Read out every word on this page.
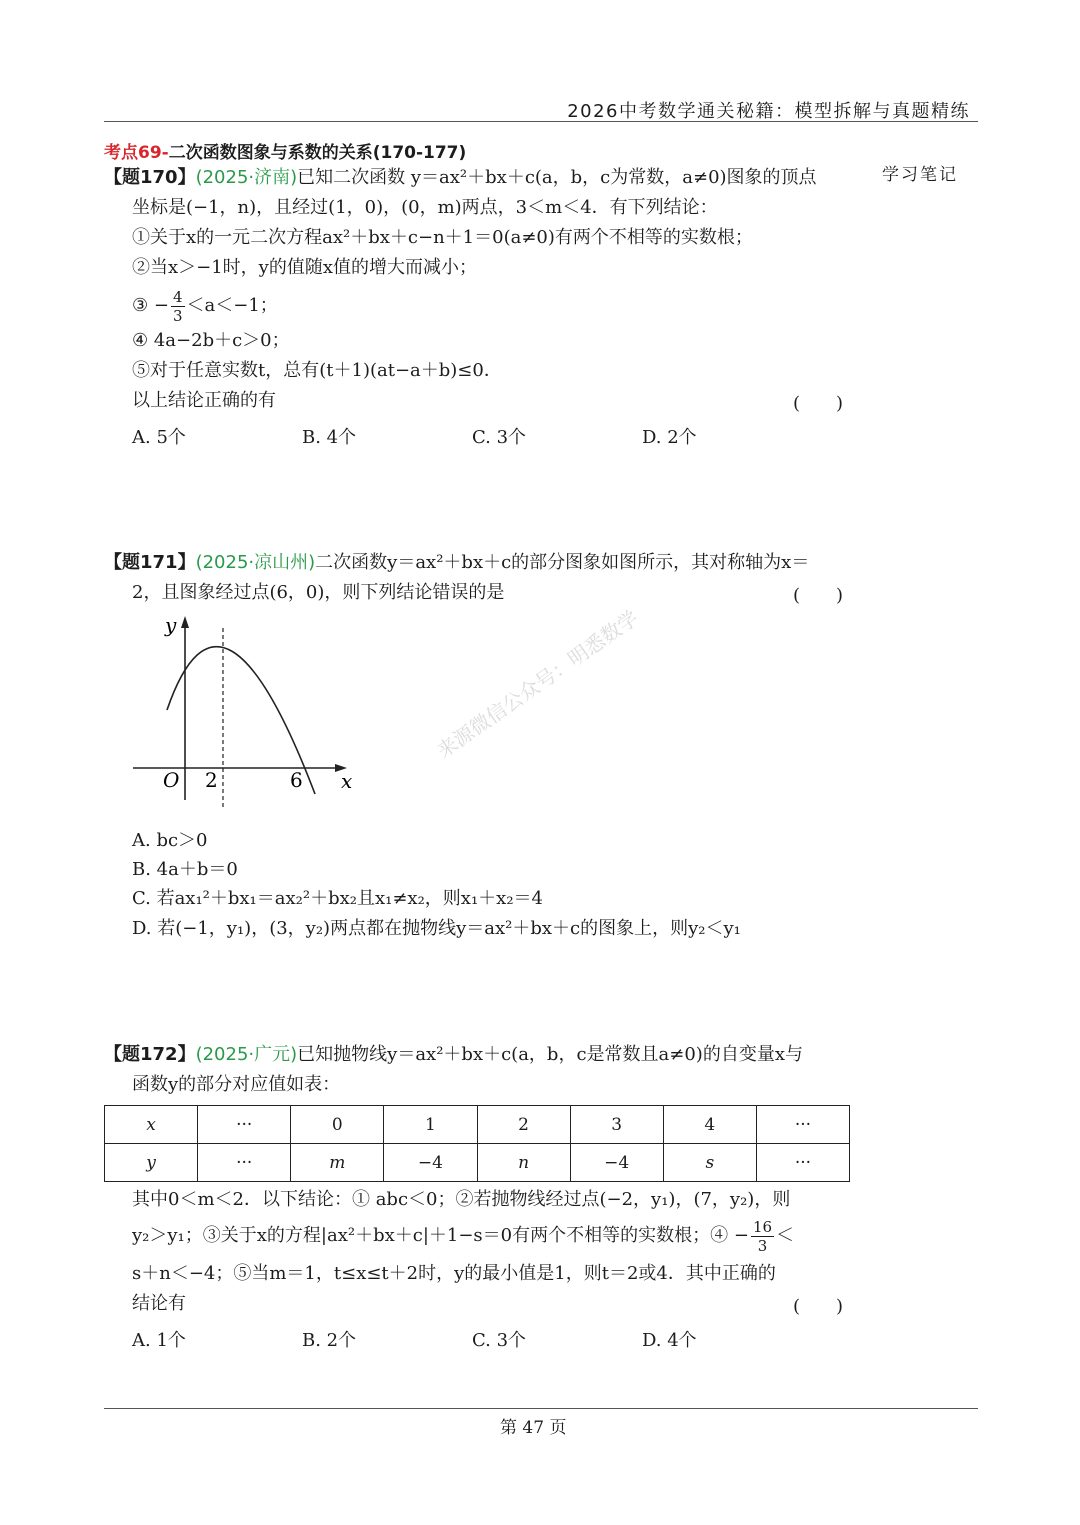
2026中考数学通关秘籍：模型拆解与真题精练
考点69-二次函数图象与系数的关系(170-177)
学习笔记
【题170】(2025·济南)已知二次函数 y＝ax²＋bx＋c(a，b，c为常数，a≠0)图象的顶点
坐标是(−1，n)，且经过(1，0)，(0，m)两点，3＜m＜4．有下列结论：
①关于x的一元二次方程ax²＋bx＋c−n＋1＝0(a≠0)有两个不相等的实数根；
②当x＞−1时，y的值随x值的增大而减小；
③ − $\frac{4}{3} <a<-1$；
④ 4a−2b＋c＞0；
⑤对于任意实数t，总有(t＋1)(at−a＋b)≤0．
以上结论正确的有	(　　)
A. 5个	B. 4个	C. 3个	D. 2个
【题171】(2025·凉山州)二次函数y＝ax²＋bx＋c的部分图象如图所示，其对称轴为x＝
2，且图象经过点(6，0)，则下列结论错误的是	(　　)
y
x
O 2	6
来源微信公众号：明悉数学
A. bc＞0
B. 4a＋b＝0
C. 若ax₁²＋bx₁＝ax₂²＋bx₂且x₁≠x₂，则x₁＋x₂＝4
D. 若(−1，y₁)，(3，y₂)两点都在抛物线y＝ax²＋bx＋c的图象上，则y₂＜y₁
【题172】(2025·广元)已知抛物线y＝ax²＋bx＋c(a，b，c是常数且a≠0)的自变量x与
函数y的部分对应值如表：
x	···	0	1	2	3	4	···
y	···	m	−4	n	−4	s	···
其中0＜m＜2．以下结论：① abc＜0；②若抛物线经过点(−2，y₁)，(7，y₂)，则
y₂＞y₁；③关于x的方程|ax²＋bx＋c|＋1−s＝0有两个不相等的实数根；④ − $\frac{16}{3}$ ＜
s＋n＜−4；⑤当m＝1，t≤x≤t＋2时，y的最小值是1，则t＝2或4．其中正确的
结论有	(　　)
A. 1个	B. 2个	C. 3个	D. 4个
第 47 页
